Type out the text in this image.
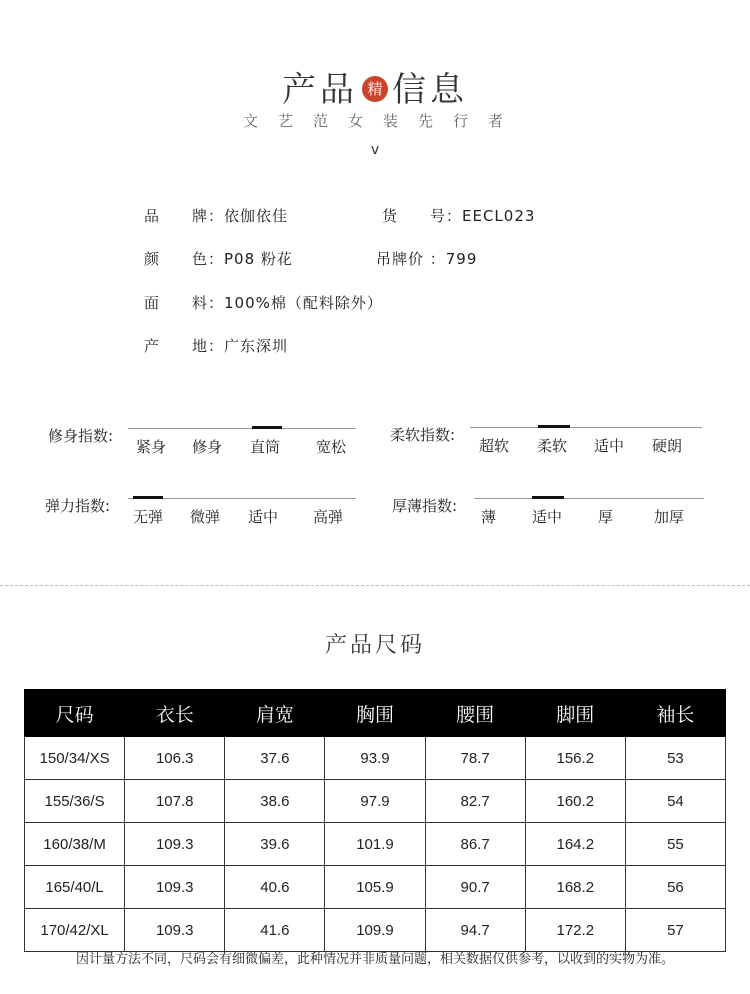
产品 精 信息
文艺范女装先行者
v
品　　牌：依伽依佳	货　　号：EECL023
颜　　色：P08 粉花	吊牌价 ：799
面　　料：100%棉（配料除外）
产　　地：广东深圳
修身指数:
紧身 修身 直筒 宽松
柔软指数:
超软 柔软 适中 硬朗
弹力指数:
无弹 微弹 适中 高弹
厚薄指数:
薄 适中 厚	加厚
产品尺码
尺码	衣长	肩宽	胸围	腰围	脚围	袖长
150/34/XS	106.3	37.6	93.9	78.7	156.2	53
155/36/S	107.8	38.6	97.9	82.7	160.2	54
160/38/M	109.3	39.6	101.9	86.7	164.2	55
165/40/L	109.3	40.6	105.9	90.7	168.2	56
170/42/XL	109.3	41.6	109.9	94.7	172.2	57
因计量方法不同，尺码会有细微偏差，此种情况并非质量问题，相关数据仅供参考，以收到的实物为准。
